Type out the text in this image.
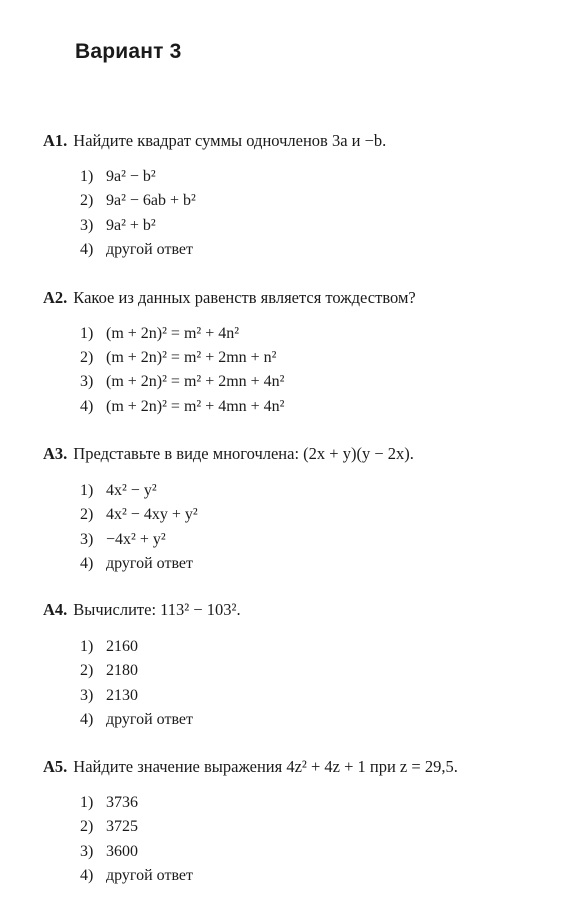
Вариант 3
A1. Найдите квадрат суммы одночленов 3a и −b.
1) 9a² − b²
2) 9a² − 6ab + b²
3) 9a² + b²
4) другой ответ
A2. Какое из данных равенств является тождеством?
1) (m + 2n)² = m² + 4n²
2) (m + 2n)² = m² + 2mn + n²
3) (m + 2n)² = m² + 2mn + 4n²
4) (m + 2n)² = m² + 4mn + 4n²
A3. Представьте в виде многочлена: (2x + y)(y − 2x).
1) 4x² − y²
2) 4x² − 4xy + y²
3) −4x² + y²
4) другой ответ
A4. Вычислите: 113² − 103².
1) 2160
2) 2180
3) 2130
4) другой ответ
A5. Найдите значение выражения 4z² + 4z + 1 при z = 29,5.
1) 3736
2) 3725
3) 3600
4) другой ответ
